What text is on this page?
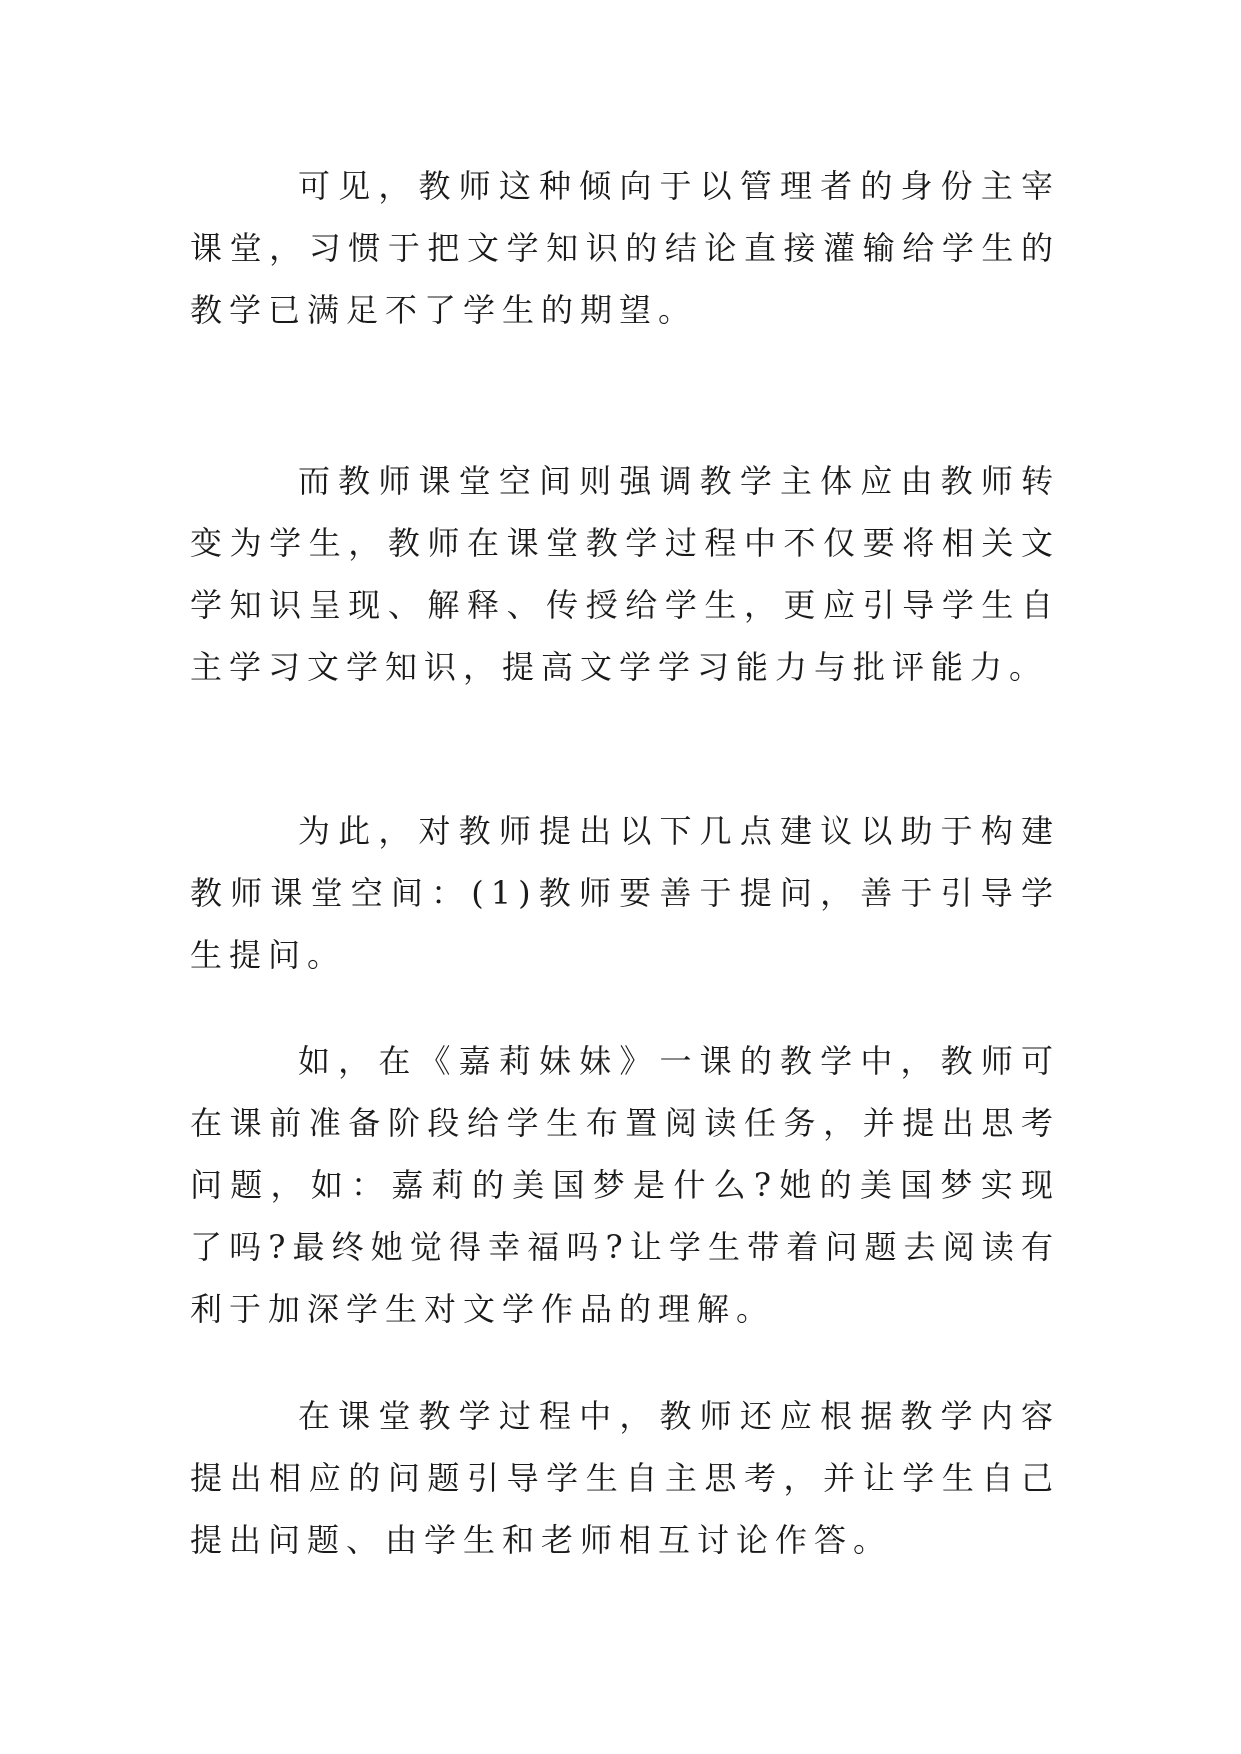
可见，教师这种倾向于以管理者的身份主宰课堂，习惯于把文学知识的结论直接灌输给学生的教学已满足不了学生的期望。

而教师课堂空间则强调教学主体应由教师转变为学生，教师在课堂教学过程中不仅要将相关文学知识呈现、解释、传授给学生，更应引导学生自主学习文学知识，提高文学学习能力与批评能力。

为此，对教师提出以下几点建议以助于构建教师课堂空间：(1)教师要善于提问，善于引导学生提问。

如，在《嘉莉妹妹》一课的教学中，教师可在课前准备阶段给学生布置阅读任务，并提出思考问题，如：嘉莉的美国梦是什么?她的美国梦实现了吗?最终她觉得幸福吗?让学生带着问题去阅读有利于加深学生对文学作品的理解。

在课堂教学过程中，教师还应根据教学内容提出相应的问题引导学生自主思考，并让学生自己提出问题、由学生和老师相互讨论作答。
